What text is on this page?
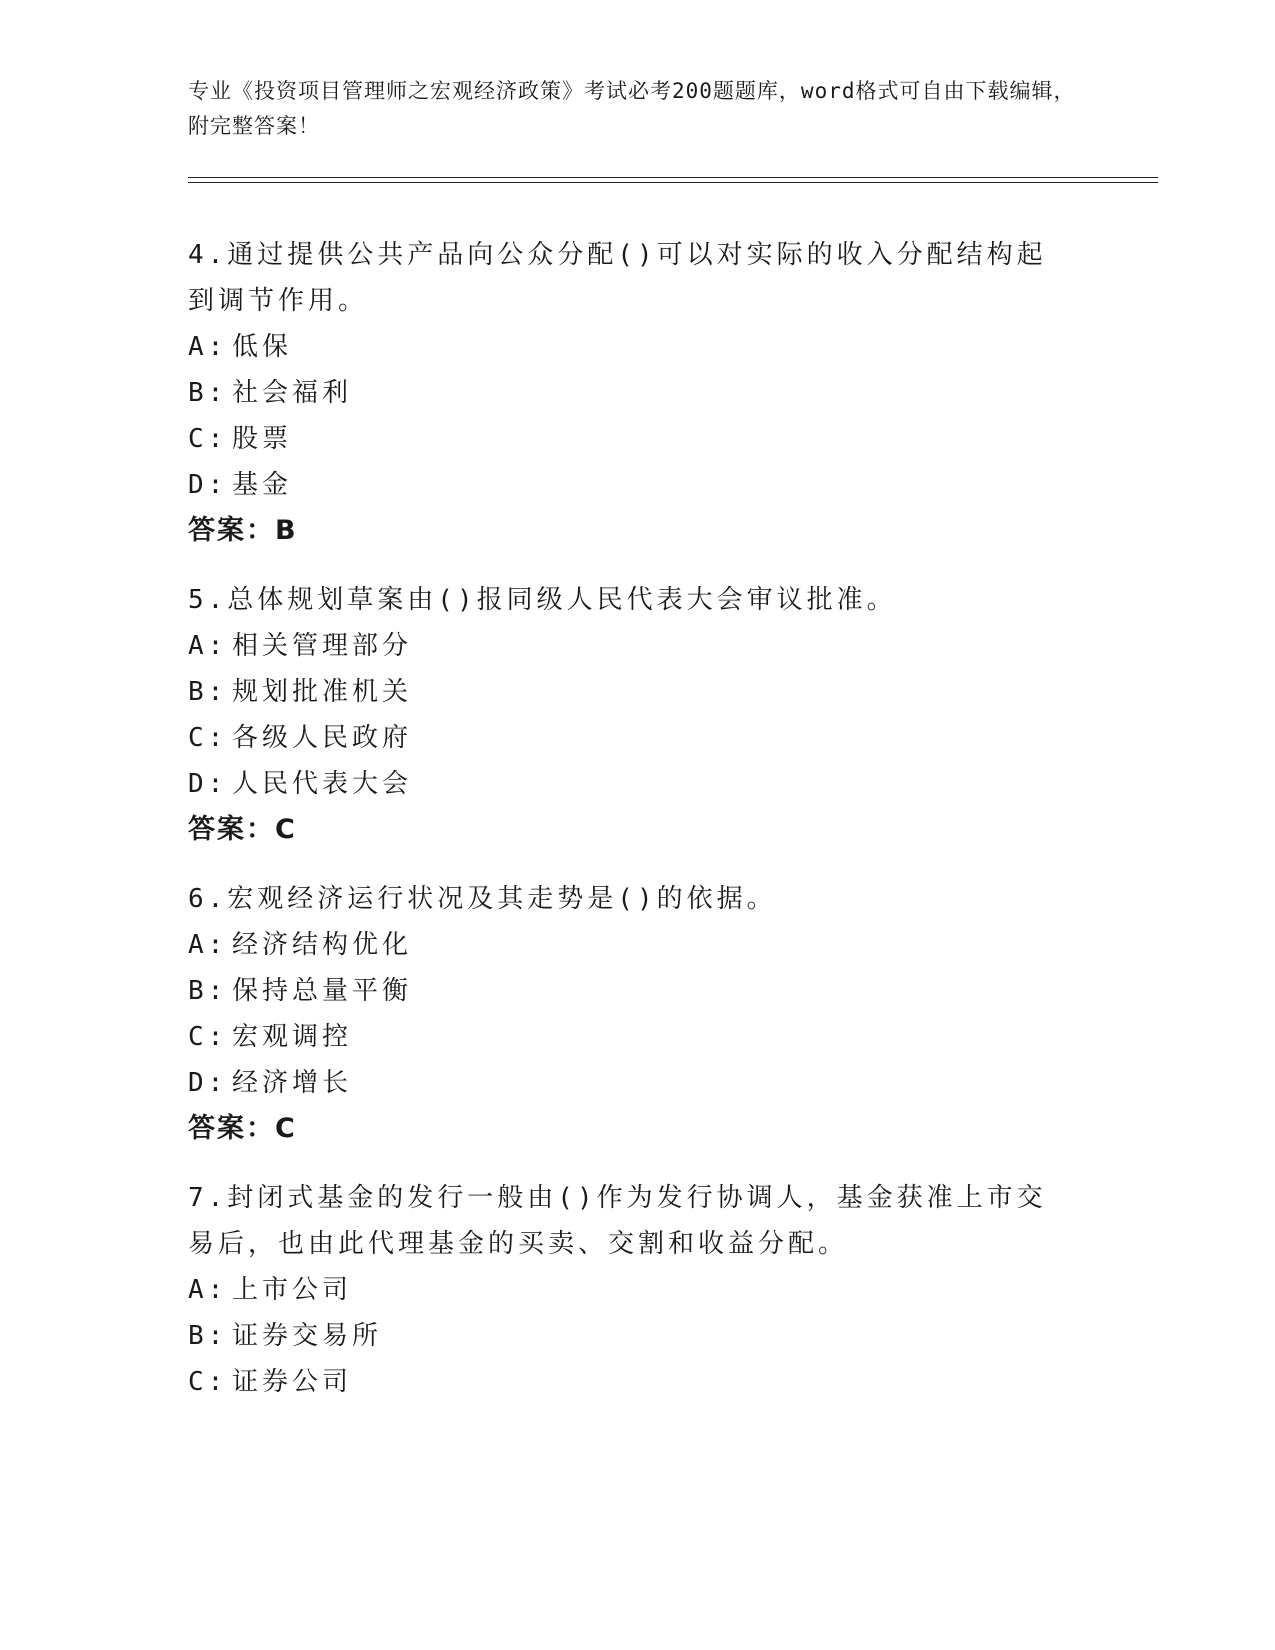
专业《投资项目管理师之宏观经济政策》考试必考200题题库，word格式可自由下载编辑，附完整答案！

4.通过提供公共产品向公众分配()可以对实际的收入分配结构起到调节作用。

A: 低保

B: 社会福利

C: 股票

D: 基金

答案：B

5.总体规划草案由()报同级人民代表大会审议批准。

A: 相关管理部分

B: 规划批准机关

C: 各级人民政府

D: 人民代表大会

答案：C

6.宏观经济运行状况及其走势是()的依据。

A: 经济结构优化

B: 保持总量平衡

C: 宏观调控

D: 经济增长

答案：C

7.封闭式基金的发行一般由()作为发行协调人，基金获准上市交易后，也由此代理基金的买卖、交割和收益分配。

A: 上市公司

B: 证券交易所

C: 证券公司
